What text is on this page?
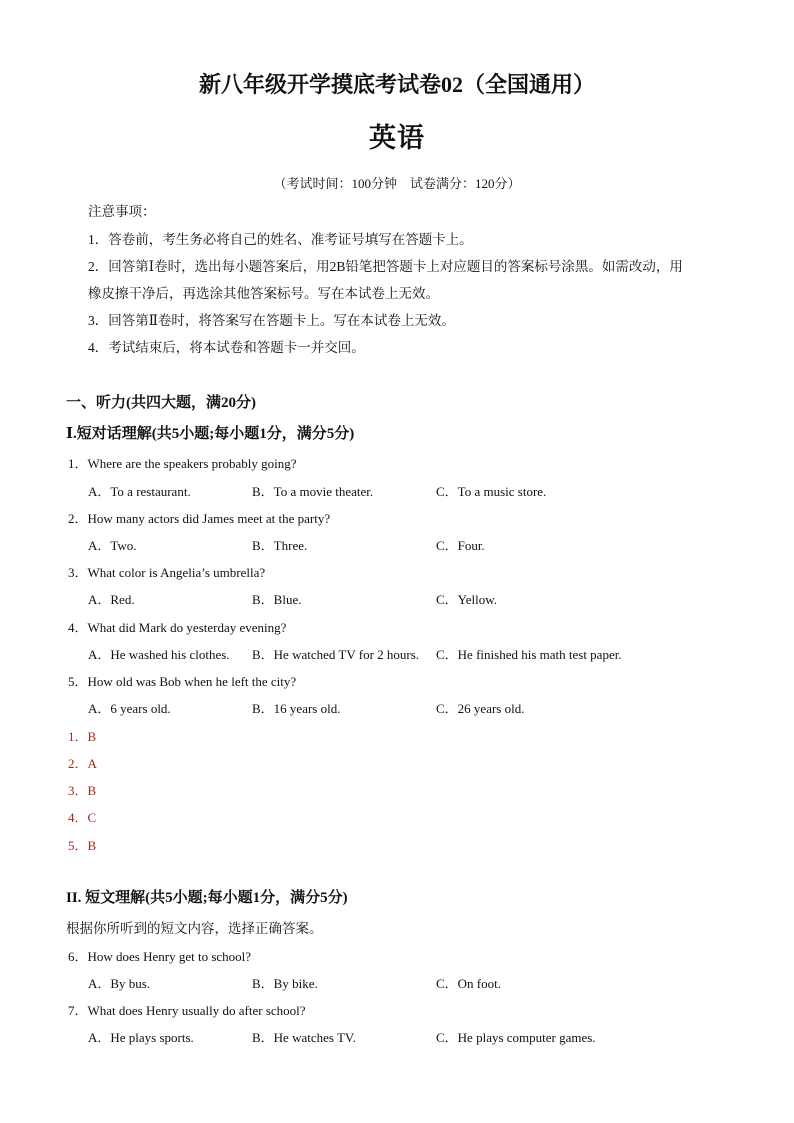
新八年级开学摸底考试卷02（全国通用）
英语
（考试时间：100分钟　试卷满分：120分）
注意事项：
1．答卷前，考生务必将自己的姓名、准考证号填写在答题卡上。
2．回答第Ⅰ卷时，选出每小题答案后，用2B铅笔把答题卡上对应题目的答案标号涂黑。如需改动，用
橡皮擦干净后，再选涂其他答案标号。写在本试卷上无效。
3．回答第Ⅱ卷时，将答案写在答题卡上。写在本试卷上无效。
4．考试结束后，将本试卷和答题卡一并交回。
一、听力(共四大题，满20分)
Ⅰ.短对话理解(共5小题;每小题1分，满分5分)
1．Where are the speakers probably going?
A．To a restaurant.	B．To a movie theater.	C．To a music store.
2．How many actors did James meet at the party?
A．Two.	B．Three.	C．Four.
3．What color is Angelia’s umbrella?
A．Red.	B．Blue.	C．Yellow.
4．What did Mark do yesterday evening?
A．He washed his clothes. B．He watched TV for 2 hours. C．He finished his math test paper.
5．How old was Bob when he left the city?
A．6 years old.	B．16 years old.	C．26 years old.
1．B
2．A
3．B
4．C
5．B
II. 短文理解(共5小题;每小题1分，满分5分)
根据你所听到的短文内容，选择正确答案。
6．How does Henry get to school?
A．By bus.	B．By bike.	C．On foot.
7．What does Henry usually do after school?
A．He plays sports.	B．He watches TV.	C．He plays computer games.
